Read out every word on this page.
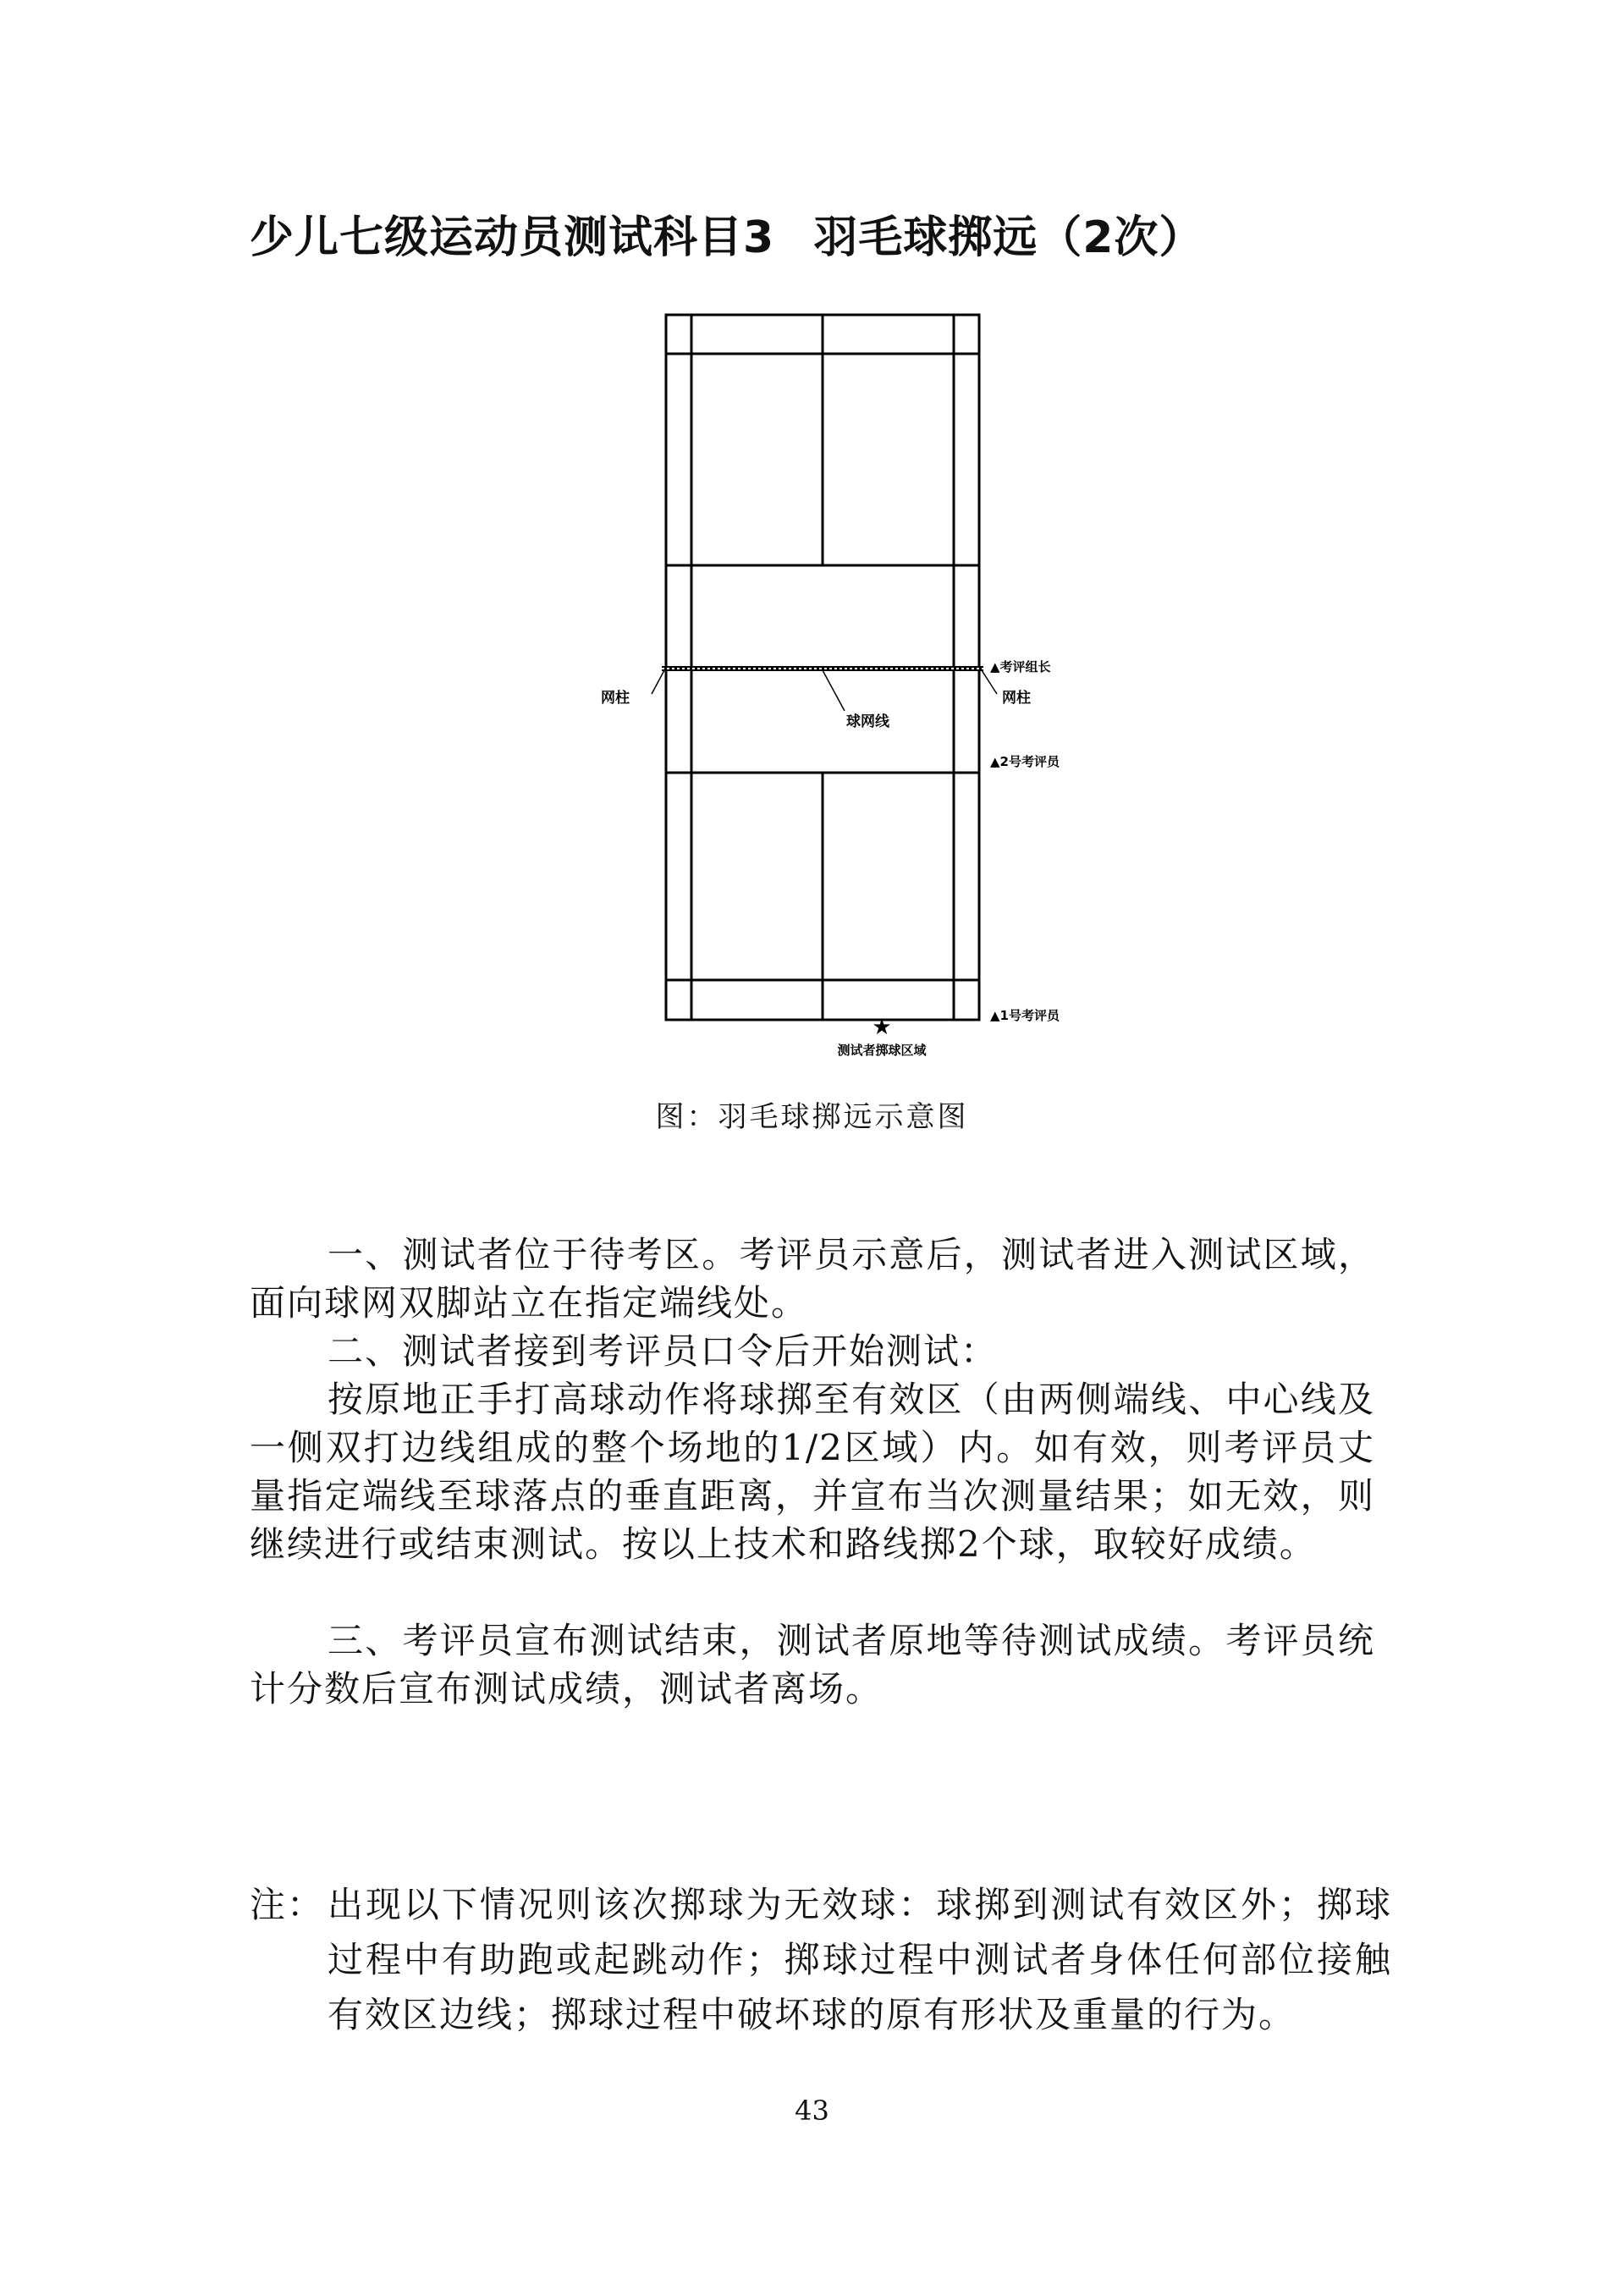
少儿七级运动员测试科目3 羽毛球掷远（2次）
网柱	网柱
球网线
▲考评组长
▲2号考评员
▲1号考评员
★
测试者掷球区域
图：羽毛球掷远示意图

一、测试者位于待考区。考评员示意后，测试者进入测试区域，面向球网双脚站立在指定端线处。

二、测试者接到考评员口令后开始测试：

按原地正手打高球动作将球掷至有效区（由两侧端线、中心线及一侧双打边线组成的整个场地的1/2区域）内。如有效，则考评员丈量指定端线至球落点的垂直距离，并宣布当次测量结果；如无效，则继续进行或结束测试。按以上技术和路线掷2个球，取较好成绩。

三、考评员宣布测试结束，测试者原地等待测试成绩。考评员统计分数后宣布测试成绩，测试者离场。

注： 出现以下情况则该次掷球为无效球：球掷到测试有效区外；掷球过程中有助跑或起跳动作；掷球过程中测试者身体任何部位接触有效区边线；掷球过程中破坏球的原有形状及重量的行为。
43
